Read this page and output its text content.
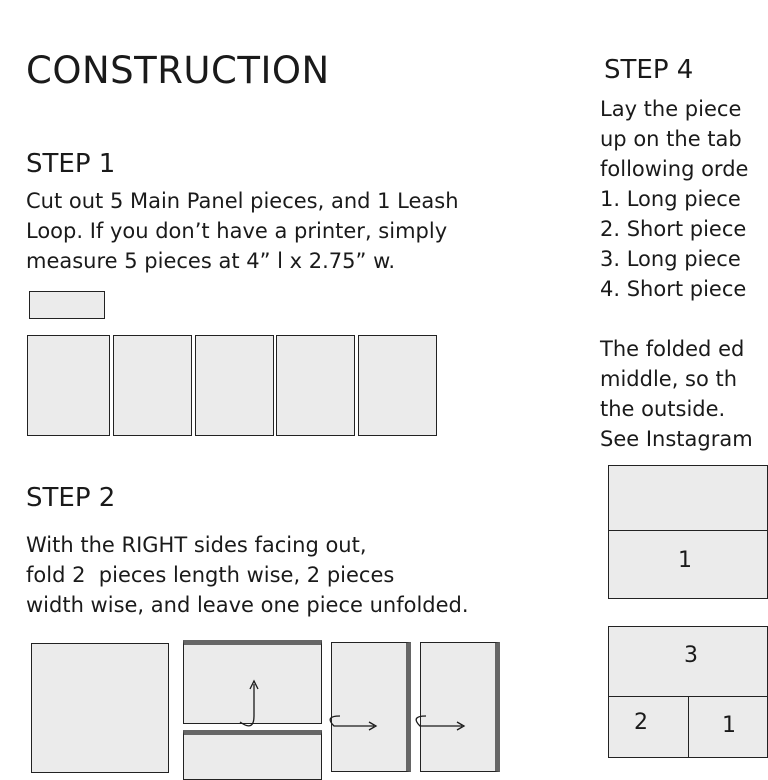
CONSTRUCTION
STEP 1
Cut out 5 Main Panel pieces, and 1 Leash
Loop. If you don’t have a printer, simply
measure 5 pieces at 4” l x 2.75” w.
STEP 2
With the RIGHT sides facing out,
fold 2  pieces length wise, 2 pieces
width wise, and leave one piece unfolded.
STEP 4
Lay the piece
up on the tab
following orde
1. Long piece
2. Short piece
3. Long piece
4. Short piece
The folded ed
middle, so th
the outside.
See Instagram
1
3
2	1
